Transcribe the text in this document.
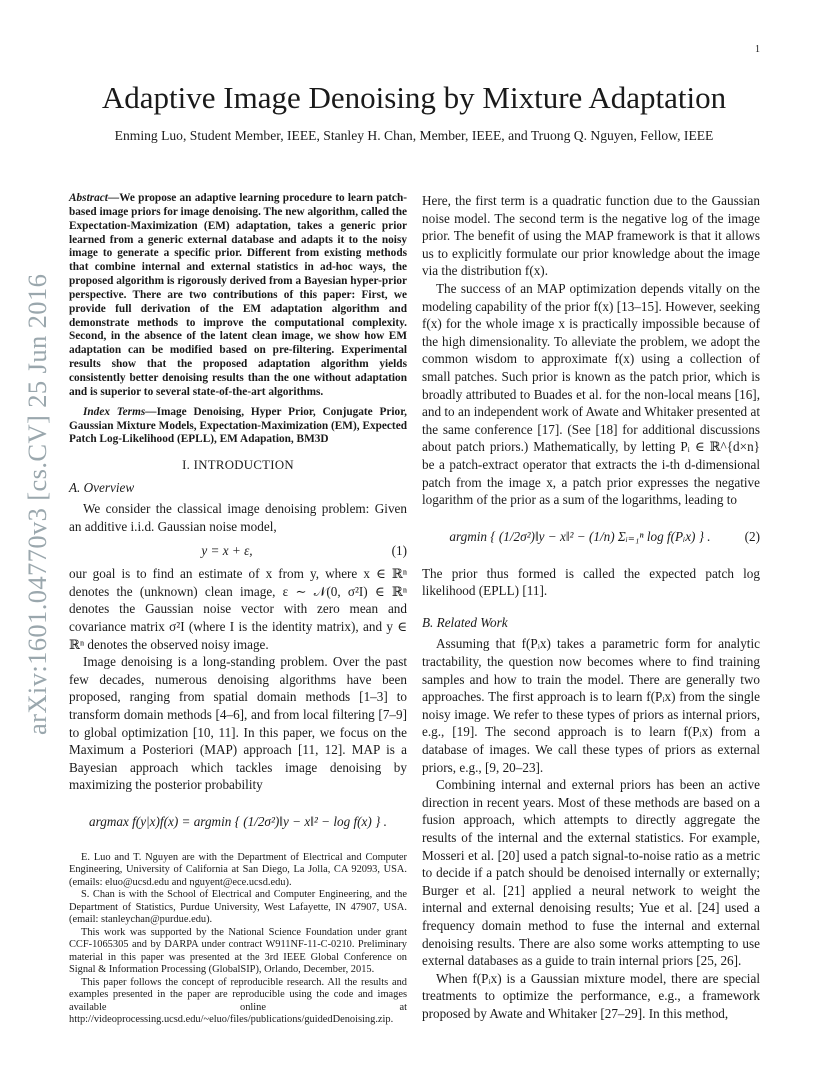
1
arXiv:1601.04770v3 [cs.CV] 25 Jun 2016
Adaptive Image Denoising by Mixture Adaptation
Enming Luo, Student Member, IEEE, Stanley H. Chan, Member, IEEE, and Truong Q. Nguyen, Fellow, IEEE

Abstract—We propose an adaptive learning procedure to learn patch-based image priors for image denoising. The new algorithm, called the Expectation-Maximization (EM) adaptation, takes a generic prior learned from a generic external database and adapts it to the noisy image to generate a specific prior. Different from existing methods that combine internal and external statistics in ad-hoc ways, the proposed algorithm is rigorously derived from a Bayesian hyper-prior perspective. There are two contributions of this paper: First, we provide full derivation of the EM adaptation algorithm and demonstrate methods to improve the computational complexity. Second, in the absence of the latent clean image, we show how EM adaptation can be modified based on pre-filtering. Experimental results show that the proposed adaptation algorithm yields consistently better denoising results than the one without adaptation and is superior to several state-of-the-art algorithms.

Index Terms—Image Denoising, Hyper Prior, Conjugate Prior, Gaussian Mixture Models, Expectation-Maximization (EM), Expected Patch Log-Likelihood (EPLL), EM Adapation, BM3D

I. INTRODUCTION

A. Overview

We consider the classical image denoising problem: Given an additive i.i.d. Gaussian noise model,

y = x + ε,	(1)

our goal is to find an estimate of x from y, where x ∈ ℝⁿ denotes the (unknown) clean image, ε ∼ 𝒩(0, σ²I) ∈ ℝⁿ denotes the Gaussian noise vector with zero mean and covariance matrix σ²I (where I is the identity matrix), and y ∈ ℝⁿ denotes the observed noisy image.

Image denoising is a long-standing problem. Over the past few decades, numerous denoising algorithms have been proposed, ranging from spatial domain methods [1–3] to transform domain methods [4–6], and from local filtering [7–9] to global optimization [10, 11]. In this paper, we focus on the Maximum a Posteriori (MAP) approach [11, 12]. MAP is a Bayesian approach which tackles image denoising by maximizing the posterior probability

argmax f(y|x)f(x) = argmin { (1/2σ²)‖y − x‖² − log f(x) } .

E. Luo and T. Nguyen are with the Department of Electrical and Computer Engineering, University of California at San Diego, La Jolla, CA 92093, USA. (emails: eluo@ucsd.edu and nguyent@ece.ucsd.edu).

S. Chan is with the School of Electrical and Computer Engineering, and the Department of Statistics, Purdue University, West Lafayette, IN 47907, USA. (email: stanleychan@purdue.edu).

This work was supported by the National Science Foundation under grant CCF-1065305 and by DARPA under contract W911NF-11-C-0210. Preliminary material in this paper was presented at the 3rd IEEE Global Conference on Signal & Information Processing (GlobalSIP), Orlando, December, 2015.

This paper follows the concept of reproducible research. All the results and examples presented in the paper are reproducible using the code and images available online at http://videoprocessing.ucsd.edu/~eluo/files/publications/guidedDenoising.zip.

Here, the first term is a quadratic function due to the Gaussian noise model. The second term is the negative log of the image prior. The benefit of using the MAP framework is that it allows us to explicitly formulate our prior knowledge about the image via the distribution f(x).

The success of an MAP optimization depends vitally on the modeling capability of the prior f(x) [13–15]. However, seeking f(x) for the whole image x is practically impossible because of the high dimensionality. To alleviate the problem, we adopt the common wisdom to approximate f(x) using a collection of small patches. Such prior is known as the patch prior, which is broadly attributed to Buades et al. for the non-local means [16], and to an independent work of Awate and Whitaker presented at the same conference [17]. (See [18] for additional discussions about patch priors.) Mathematically, by letting Pᵢ ∈ ℝ^{d×n} be a patch-extract operator that extracts the i-th d-dimensional patch from the image x, a patch prior expresses the negative logarithm of the prior as a sum of the logarithms, leading to

argmin { (1/2σ²)‖y − x‖² − (1/n) Σᵢ₌₁ⁿ log f(Pᵢx) } .	(2)

The prior thus formed is called the expected patch log likelihood (EPLL) [11].

B. Related Work

Assuming that f(Pᵢx) takes a parametric form for analytic tractability, the question now becomes where to find training samples and how to train the model. There are generally two approaches. The first approach is to learn f(Pᵢx) from the single noisy image. We refer to these types of priors as internal priors, e.g., [19]. The second approach is to learn f(Pᵢx) from a database of images. We call these types of priors as external priors, e.g., [9, 20–23].

Combining internal and external priors has been an active direction in recent years. Most of these methods are based on a fusion approach, which attempts to directly aggregate the results of the internal and the external statistics. For example, Mosseri et al. [20] used a patch signal-to-noise ratio as a metric to decide if a patch should be denoised internally or externally; Burger et al. [21] applied a neural network to weight the internal and external denoising results; Yue et al. [24] used a frequency domain method to fuse the internal and external denoising results. There are also some works attempting to use external databases as a guide to train internal priors [25, 26].

When f(Pᵢx) is a Gaussian mixture model, there are special treatments to optimize the performance, e.g., a framework proposed by Awate and Whitaker [27–29]. In this method,
